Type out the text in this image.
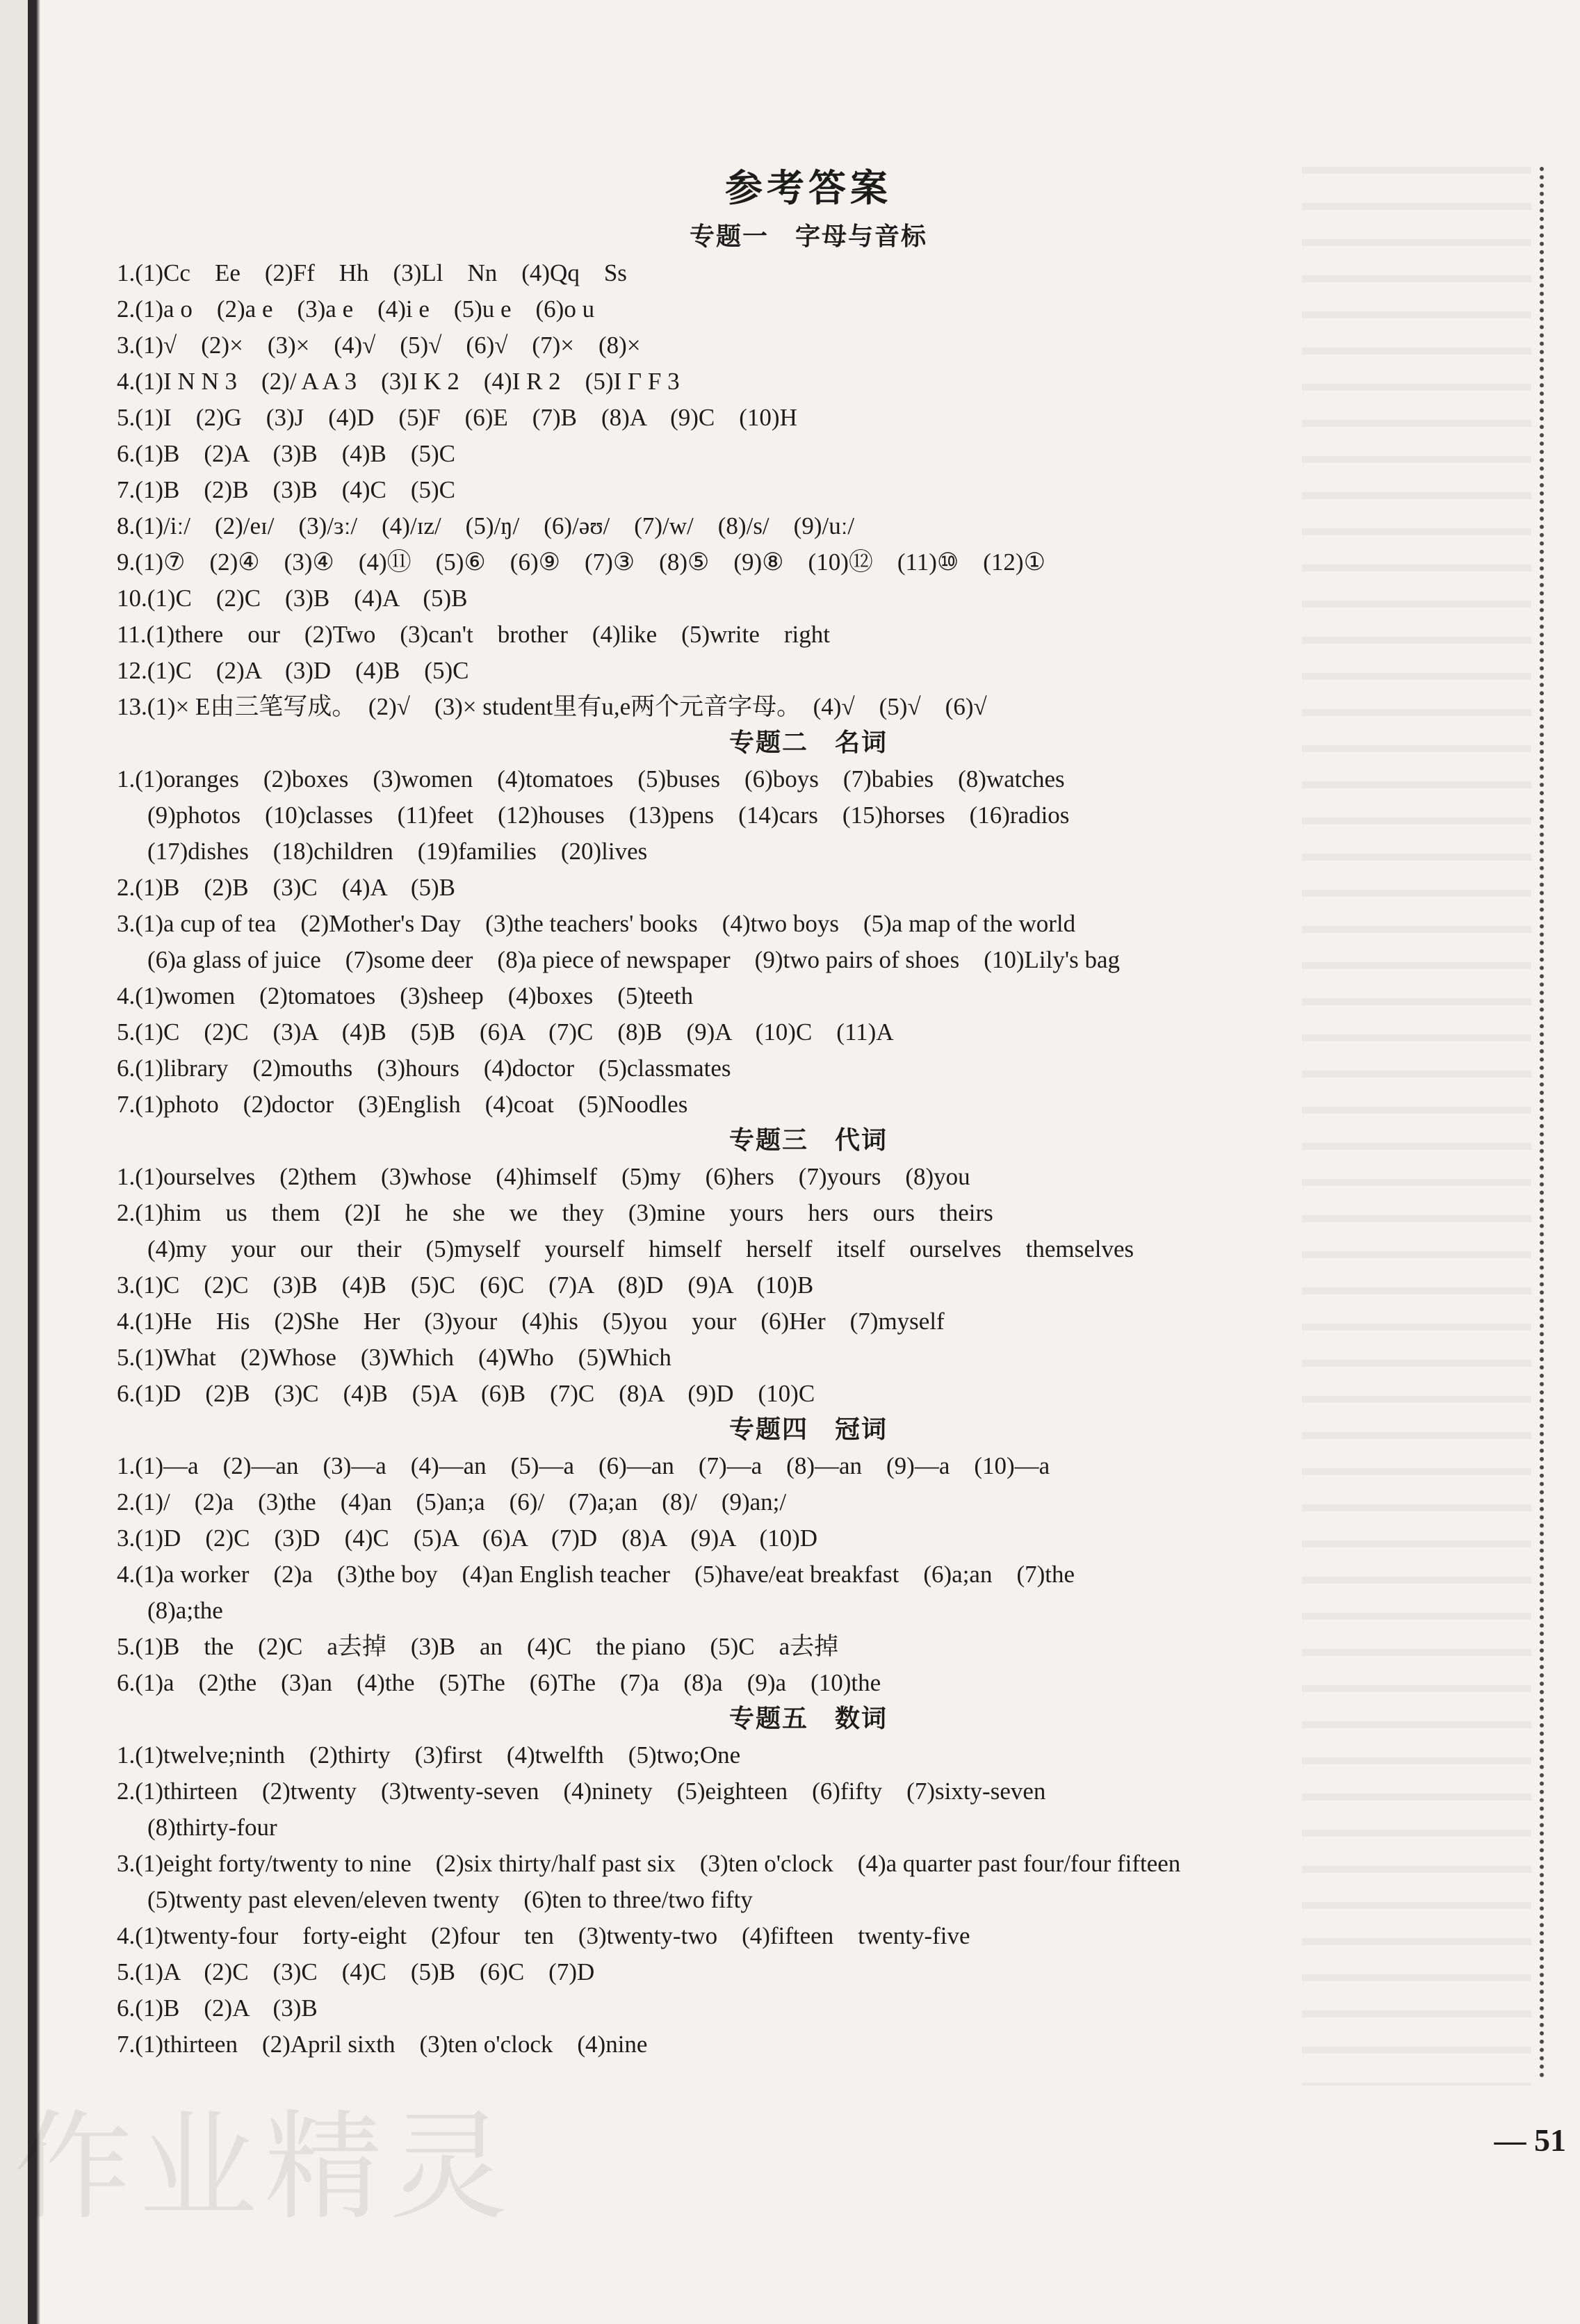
参考答案
专题一　字母与音标
1.(1)Cc　Ee　(2)Ff　Hh　(3)Ll　Nn　(4)Qq　Ss
2.(1)a o　(2)a e　(3)a e　(4)i e　(5)u e　(6)o u
3.(1)√　(2)×　(3)×　(4)√　(5)√　(6)√　(7)×　(8)×
4.(1)I N N 3　(2)/ A A 3　(3)I K 2　(4)I R 2　(5)I Γ F 3
5.(1)I　(2)G　(3)J　(4)D　(5)F　(6)E　(7)B　(8)A　(9)C　(10)H
6.(1)B　(2)A　(3)B　(4)B　(5)C
7.(1)B　(2)B　(3)B　(4)C　(5)C
8.(1)/iː/　(2)/eɪ/　(3)/ɜː/　(4)/ɪz/　(5)/ŋ/　(6)/əʊ/　(7)/w/　(8)/s/　(9)/uː/
9.(1)⑦　(2)④　(3)④　(4)⑪　(5)⑥　(6)⑨　(7)③　(8)⑤　(9)⑧　(10)⑫　(11)⑩　(12)①
10.(1)C　(2)C　(3)B　(4)A　(5)B
11.(1)there　our　(2)Two　(3)can't　brother　(4)like　(5)write　right
12.(1)C　(2)A　(3)D　(4)B　(5)C
13.(1)× E由三笔写成。　(2)√　(3)× student里有u,e两个元音字母。　(4)√　(5)√　(6)√
专题二　名词
1.(1)oranges　(2)boxes　(3)women　(4)tomatoes　(5)buses　(6)boys　(7)babies　(8)watches
(9)photos　(10)classes　(11)feet　(12)houses　(13)pens　(14)cars　(15)horses　(16)radios
(17)dishes　(18)children　(19)families　(20)lives
2.(1)B　(2)B　(3)C　(4)A　(5)B
3.(1)a cup of tea　(2)Mother's Day　(3)the teachers' books　(4)two boys　(5)a map of the world
(6)a glass of juice　(7)some deer　(8)a piece of newspaper　(9)two pairs of shoes　(10)Lily's bag
4.(1)women　(2)tomatoes　(3)sheep　(4)boxes　(5)teeth
5.(1)C　(2)C　(3)A　(4)B　(5)B　(6)A　(7)C　(8)B　(9)A　(10)C　(11)A
6.(1)library　(2)mouths　(3)hours　(4)doctor　(5)classmates
7.(1)photo　(2)doctor　(3)English　(4)coat　(5)Noodles
专题三　代词
1.(1)ourselves　(2)them　(3)whose　(4)himself　(5)my　(6)hers　(7)yours　(8)you
2.(1)him　us　them　(2)I　he　she　we　they　(3)mine　yours　hers　ours　theirs
(4)my　your　our　their　(5)myself　yourself　himself　herself　itself　ourselves　themselves
3.(1)C　(2)C　(3)B　(4)B　(5)C　(6)C　(7)A　(8)D　(9)A　(10)B
4.(1)He　His　(2)She　Her　(3)your　(4)his　(5)you　your　(6)Her　(7)myself
5.(1)What　(2)Whose　(3)Which　(4)Who　(5)Which
6.(1)D　(2)B　(3)C　(4)B　(5)A　(6)B　(7)C　(8)A　(9)D　(10)C
专题四　冠词
1.(1)—a　(2)—an　(3)—a　(4)—an　(5)—a　(6)—an　(7)—a　(8)—an　(9)—a　(10)—a
2.(1)/　(2)a　(3)the　(4)an　(5)an;a　(6)/　(7)a;an　(8)/　(9)an;/
3.(1)D　(2)C　(3)D　(4)C　(5)A　(6)A　(7)D　(8)A　(9)A　(10)D
4.(1)a worker　(2)a　(3)the boy　(4)an English teacher　(5)have/eat breakfast　(6)a;an　(7)the
(8)a;the
5.(1)B　the　(2)C　a去掉　(3)B　an　(4)C　the piano　(5)C　a去掉
6.(1)a　(2)the　(3)an　(4)the　(5)The　(6)The　(7)a　(8)a　(9)a　(10)the
专题五　数词
1.(1)twelve;ninth　(2)thirty　(3)first　(4)twelfth　(5)two;One
2.(1)thirteen　(2)twenty　(3)twenty-seven　(4)ninety　(5)eighteen　(6)fifty　(7)sixty-seven
(8)thirty-four
3.(1)eight forty/twenty to nine　(2)six thirty/half past six　(3)ten o'clock　(4)a quarter past four/four fifteen
(5)twenty past eleven/eleven twenty　(6)ten to three/two fifty
4.(1)twenty-four　forty-eight　(2)four　ten　(3)twenty-two　(4)fifteen　twenty-five
5.(1)A　(2)C　(3)C　(4)C　(5)B　(6)C　(7)D
6.(1)B　(2)A　(3)B
7.(1)thirteen　(2)April sixth　(3)ten o'clock　(4)nine
作业精灵	— 51
